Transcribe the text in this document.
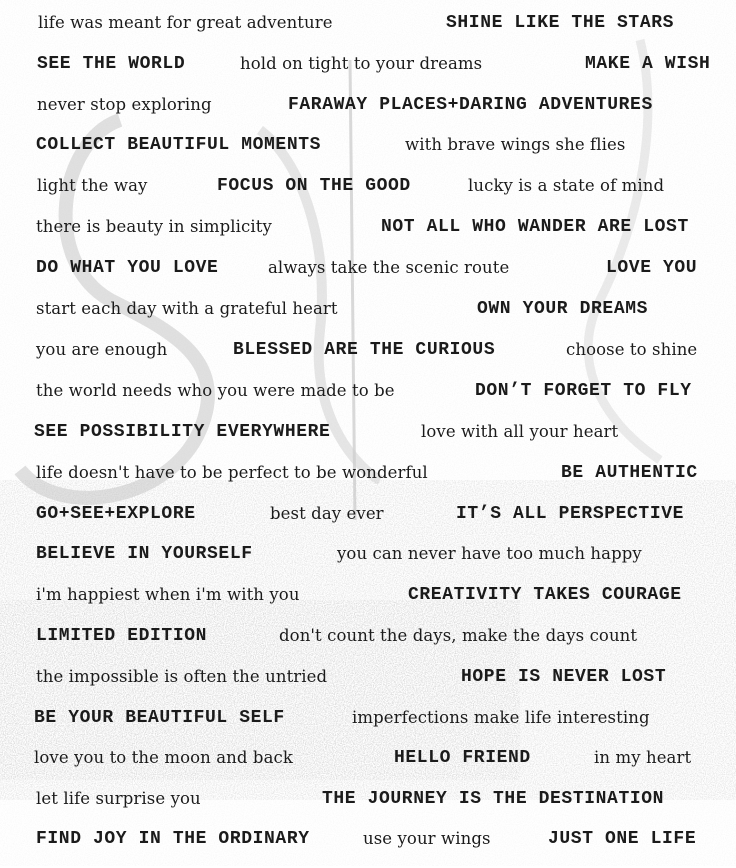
life was meant for great adventure	SHINE LIKE THE STARS
SEE THE WORLD	hold on tight to your dreams	MAKE A WISH
never stop exploring	FARAWAY PLACES+DARING ADVENTURES
COLLECT BEAUTIFUL MOMENTS	with brave wings she flies
light the way	FOCUS ON THE GOOD	lucky is a state of mind
there is beauty in simplicity	NOT ALL WHO WANDER ARE LOST
DO WHAT YOU LOVE	always take the scenic route	LOVE YOU
start each day with a grateful heart	OWN YOUR DREAMS
you are enough	BLESSED ARE THE CURIOUS	choose to shine
the world needs who you were made to be	DON’T FORGET TO FLY
SEE POSSIBILITY EVERYWHERE	love with all your heart
life doesn't have to be perfect to be wonderful	BE AUTHENTIC
GO+SEE+EXPLORE	best day ever	IT’S ALL PERSPECTIVE
BELIEVE IN YOURSELF	you can never have too much happy
i'm happiest when i'm with you	CREATIVITY TAKES COURAGE
LIMITED EDITION	don't count the days, make the days count
the impossible is often the untried	HOPE IS NEVER LOST
BE YOUR BEAUTIFUL SELF	imperfections make life interesting
love you to the moon and back	HELLO FRIEND	in my heart
let life surprise you	THE JOURNEY IS THE DESTINATION
FIND JOY IN THE ORDINARY	use your wings	JUST ONE LIFE
